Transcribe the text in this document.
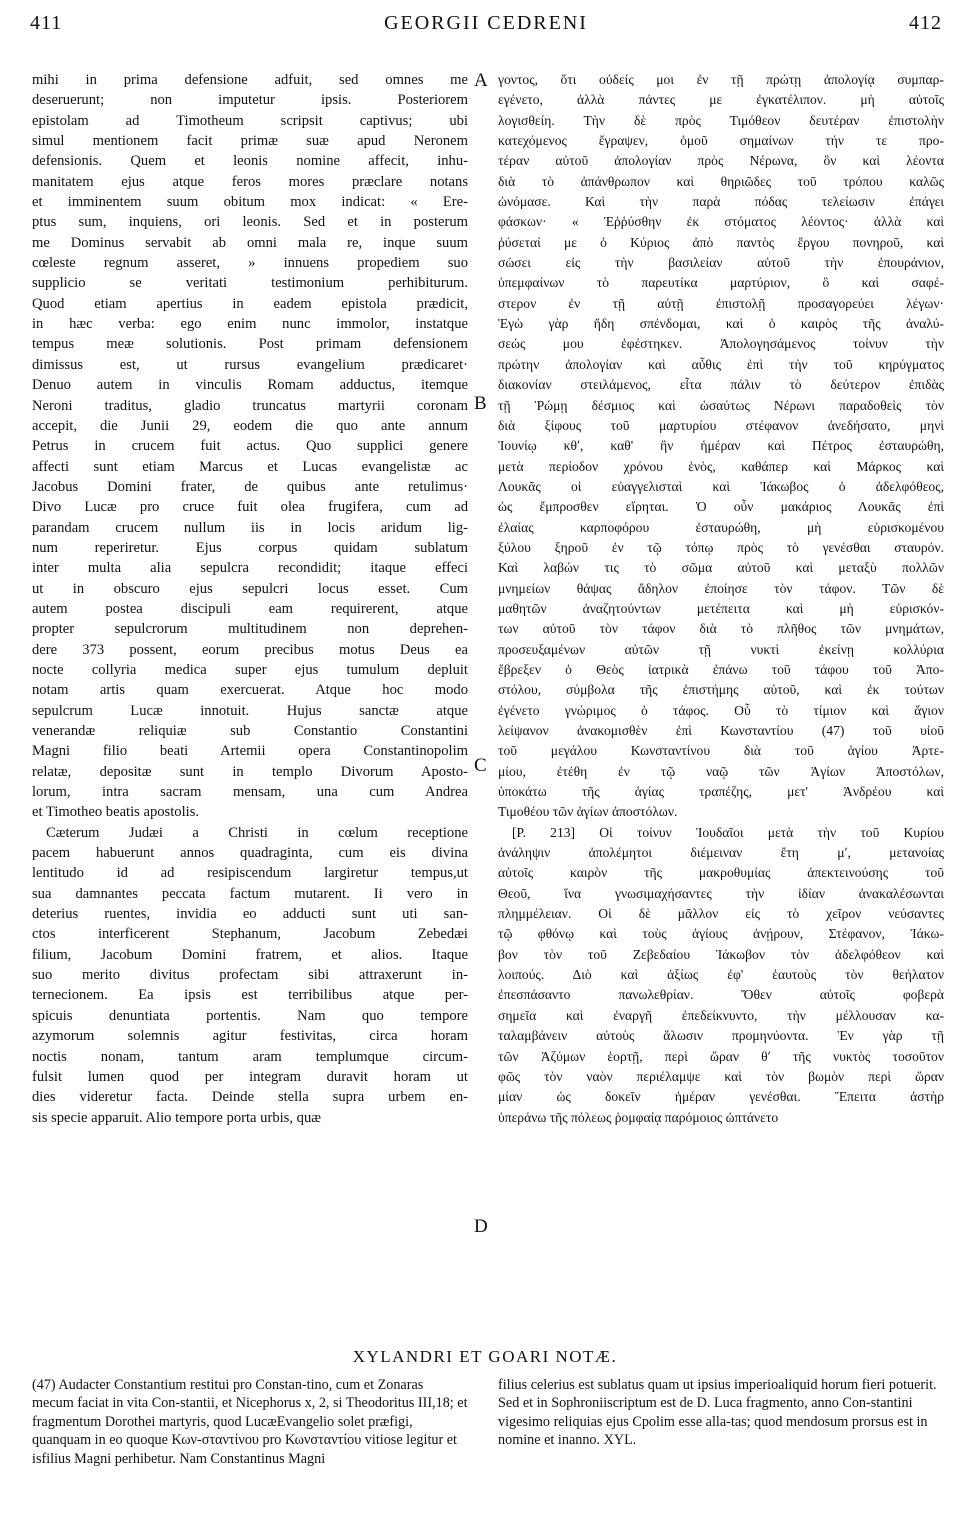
411	GEORGII CEDRENI	412
mihi in prima defensione adfuit, sed omnes me
deseruerunt; non imputetur ipsis. Posteriorem
epistolam ad Timotheum scripsit captivus; ubi
simul mentionem facit primæ suæ apud Neronem
defensionis. Quem et leonis nomine affecit, inhu-
manitatem ejus atque feros mores præclare notans
et imminentem suum obitum mox indicat: « Ere-
ptus sum, inquiens, ori leonis. Sed et in posterum
me Dominus servabit ab omni mala re, inque suum
cœleste regnum asseret, » innuens propediem suo
supplicio se veritati testimonium perhibiturum.
Quod etiam apertius in eadem epistola prædicit,
in hæc verba: ego enim nunc immolor, instatque
tempus meæ solutionis. Post primam defensionem
dimissus est, ut rursus evangelium prædicaret·
Denuo autem in vinculis Romam adductus, itemque
Neroni traditus, gladio truncatus martyrii coronam
accepit, die Junii 29, eodem die quo ante annum
Petrus in crucem fuit actus. Quo supplici genere
affecti sunt etiam Marcus et Lucas evangelistæ ac
Jacobus Domini frater, de quibus ante retulimus·
Divo Lucæ pro cruce fuit olea frugifera, cum ad
parandam crucem nullum iis in locis aridum lig-
num reperiretur. Ejus corpus quidam sublatum
inter multa alia sepulcra recondidit; itaque effeci
ut in obscuro ejus sepulcri locus esset. Cum
autem postea discipuli eam requirerent, atque
propter sepulcrorum multitudinem non deprehen-
dere 373 possent, eorum precibus motus Deus ea
nocte collyria medica super ejus tumulum depluit
notam artis quam exercuerat. Atque hoc modo
sepulcrum Lucæ innotuit. Hujus sanctæ atque
venerandæ reliquiæ sub Constantio Constantini
Magni filio beati Artemii opera Constantinopolim
relatæ, depositæ sunt in templo Divorum Aposto-
lorum, intra sacram mensam, una cum Andrea
et Timotheo beatis apostolis.
Cæterum Judæi a Christi in cœlum receptione
pacem habuerunt annos quadraginta, cum eis divina
lentitudo id ad resipiscendum largiretur tempus,ut
sua damnantes peccata factum mutarent. Ii vero in
deterius ruentes, invidia eo adducti sunt uti san-
ctos interficerent Stephanum, Jacobum Zebedæi
filium, Jacobum Domini fratrem, et alios. Itaque
suo merito divitus profectam sibi attraxerunt in-
ternecionem. Ea ipsis est terribilibus atque per-
spicuis denuntiata portentis. Nam quo tempore
azymorum solemnis agitur festivitas, circa horam
noctis nonam, tantum aram templumque circum-
fulsit lumen quod per integram duravit horam ut
dies videretur facta. Deinde stella supra urbem en-
sis specie apparuit. Alio tempore porta urbis, quæ
γοντος, ὅτι οὐδείς μοι ἐν τῇ πρώτῃ ἀπολογίᾳ συμπαρ-
εγένετο, ἀλλὰ πάντες με ἐγκατέλιπον. μὴ αὐτοῖς
λογισθείη. Τὴν δὲ πρὸς Τιμόθεον δευτέραν ἐπιστολὴν
κατεχόμενος ἔγραψεν, ὁμοῦ σημαίνων τήν τε προ-
τέραν αὐτοῦ ἀπολογίαν πρὸς Νέρωνα, ὃν καὶ λέοντα
διὰ τὸ ἀπάνθρωπον καὶ θηριῶδες τοῦ τρόπου καλῶς
ὠνόμασε. Καὶ τὴν παρὰ πόδας τελείωσιν ἐπάγει
φάσκων· « Ἐῤῥύσθην ἐκ στόματος λέοντος· ἀλλὰ καὶ
ῥύσεταί με ὁ Κύριος ἀπὸ παντὸς ἔργου πονηροῦ, καὶ
σώσει εἰς τὴν βασιλείαν αὐτοῦ τὴν ἐπουράνιον,
ὑπεμφαίνων τὸ παρευτίκα μαρτύριον, ὃ καὶ σαφέ-
στερον ἐν τῇ αὐτῇ ἐπιστολῇ προσαγορεύει λέγων·
Ἐγὼ γὰρ ἤδη σπένδομαι, καὶ ὁ καιρὸς τῆς ἀναλύ-
σεώς μου ἐφέστηκεν. Ἀπολογησάμενος τοίνυν τὴν
πρώτην ἀπολογίαν καὶ αὖθις ἐπὶ τὴν τοῦ κηρύγματος
διακονίαν στειλάμενος, εἶτα πάλιν τὸ δεύτερον ἐπιδὰς
τῇ Ῥώμῃ δέσμιος καὶ ὡσαύτως Νέρωνι παραδοθεὶς τὸν
διὰ ξίφους τοῦ μαρτυρίου στέφανον ἀνεδήσατο, μηνὶ
Ἰουνίῳ κθʹ, καθ' ἣν ἡμέραν καὶ Πέτρος ἐσταυρώθη,
μετὰ περίοδον χρόνου ἑνὸς, καθάπερ καὶ Μάρκος καὶ
Λουκᾶς οἱ εὐαγγελισταὶ καὶ Ἰάκωβος ὁ ἀδελφόθεος,
ὡς ἔμπροσθεν εἴρηται. Ὁ οὖν μακάριος Λουκᾶς ἐπὶ
ἐλαίας καρποφόρου ἐσταυρώθη, μὴ εὑρισκομένου
ξύλου ξηροῦ ἐν τῷ τόπῳ πρὸς τὸ γενέσθαι σταυρόν.
Καὶ λαβών τις τὸ σῶμα αὐτοῦ καὶ μεταξὺ πολλῶν
μνημείων θάψας ἄδηλον ἐποίησε τὸν τάφον. Τῶν δὲ
μαθητῶν ἀναζητούντων μετέπειτα καὶ μὴ εὑρισκόν-
των αὐτοῦ τὸν τάφον διὰ τὸ πλῆθος τῶν μνημάτων,
προσευξαμένων αὐτῶν τῇ νυκτὶ ἐκείνῃ κολλύρια
ἔβρεξεν ὁ Θεὸς ἰατρικὰ ἐπάνω τοῦ τάφου τοῦ Ἀπο-
στόλου, σύμβολα τῆς ἐπιστήμης αὐτοῦ, καὶ ἐκ τούτων
ἐγένετο γνώριμος ὁ τάφος. Οὗ τὸ τίμιον καὶ ἅγιον
λείψανον ἀνακομισθὲν ἐπὶ Κωνσταντίου (47) τοῦ υἱοῦ
τοῦ μεγάλου Κωνσταντίνου διὰ τοῦ ἁγίου Ἀρτε-
μίου, ἐτέθη ἐν τῷ ναῷ τῶν Ἁγίων Ἀποστόλων,
ὑποκάτω τῆς ἁγίας τραπέζης, μετ' Ἀνδρέου καὶ
Τιμοθέου τῶν ἁγίων ἀποστόλων.
[P. 213] Οἱ τοίνυν Ἰουδαῖοι μετὰ τὴν τοῦ Κυρίου
ἀνάληψιν ἀπολέμητοι διέμειναν ἔτη μʹ, μετανοίας
αὐτοῖς καιρὸν τῆς μακροθυμίας ἀπεκτεινούσης τοῦ
Θεοῦ, ἵνα γνωσιμαχήσαντες τὴν ἰδίαν ἀνακαλέσωνται
πλημμέλειαν. Οἱ δὲ μᾶλλον εἰς τὸ χεῖρον νεύσαντες
τῷ φθόνῳ καὶ τοὺς ἁγίους ἀνῄρουν, Στέφανον, Ἰάκω-
βον τὸν τοῦ Ζεβεδαίου Ἰάκωβον τὸν ἀδελφόθεον καὶ
λοιπούς. Διὸ καὶ ἀξίως ἐφ' ἑαυτοὺς τὸν θεήλατον
ἐπεσπάσαντο πανωλεθρίαν. Ὅθεν αὐτοῖς φοβερὰ
σημεῖα καὶ ἐναργῆ ἐπεδείκνυντο, τὴν μέλλουσαν κα-
ταλαμβάνειν αὐτοὺς ἅλωσιν προμηνύοντα. Ἐν γὰρ τῇ
τῶν Ἀζύμων ἑορτῇ, περὶ ὥραν θʹ τῆς νυκτὸς τοσοῦτον
φῶς τὸν ναὸν περιέλαμψε καὶ τὸν βωμὸν περὶ ὥραν
μίαν ὡς δοκεῖν ἡμέραν γενέσθαι. Ἔπειτα ἀστὴρ
ὑπεράνω τῆς πόλεως ῥομφαίᾳ παρόμοιος ὠπτάνετο
A
B
C
D
XYLANDRI ET GOARI NOTÆ.
(47) Audacter Constantium restitui pro Constan-tino, cum et Zonaras mecum faciat in vita Con-stantii, et Nicephorus x, 2, si Theodoritus III,18; et fragmentum Dorothei martyris, quod LucæEvangelio solet præfigi, quanquam in eo quoque Κων-σταντίνου pro Κωνσταντίου vitiose legitur et isfilius Magni perhibetur. Nam Constantinus Magni
filius celerius est sublatus quam ut ipsius imperioaliquid horum fieri potuerit. Sed et in Sophroniiscriptum est de D. Luca fragmento, anno Con-stantini vigesimo reliquias ejus Cpolim esse alla-tas; quod mendosum prorsus est in nomine et inanno. XYL.
